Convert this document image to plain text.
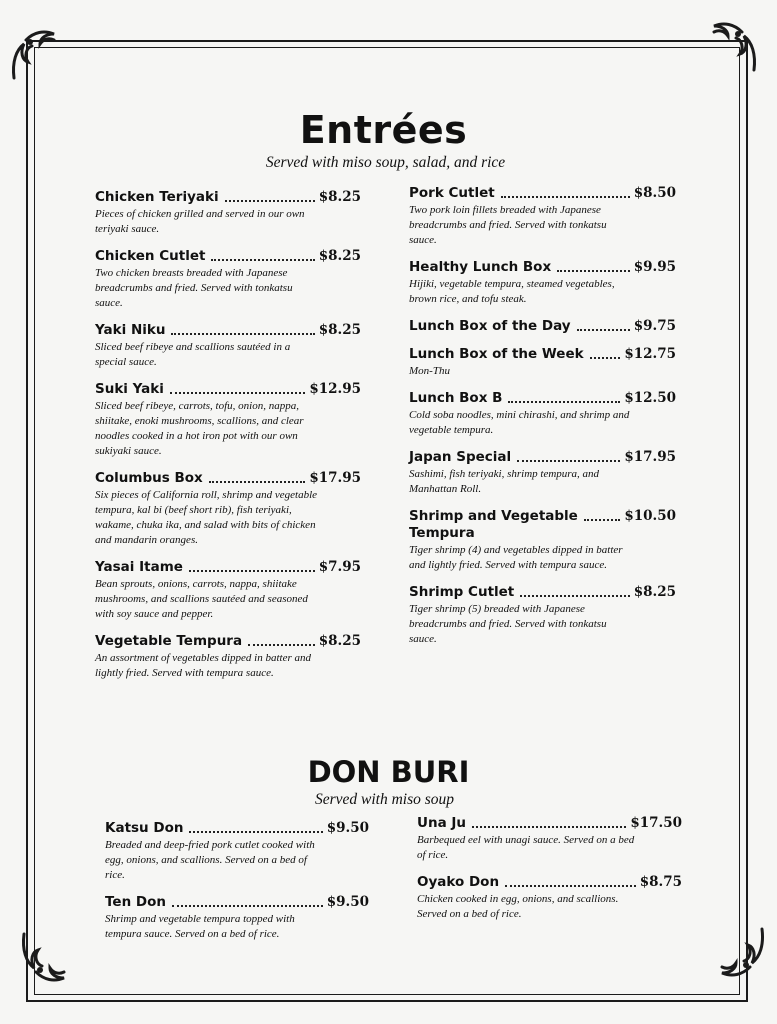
Entrées
Served with miso soup, salad, and rice
Chicken Teriyaki	$8.25
Pieces of chicken grilled and served in our own teriyaki sauce.
Chicken Cutlet	$8.25
Two chicken breasts breaded with Japanese breadcrumbs and fried. Served with tonkatsu sauce.
Yaki Niku	$8.25
Sliced beef ribeye and scallions sautéed in a special sauce.
Suki Yaki	$12.95
Sliced beef ribeye, carrots, tofu, onion, nappa, shiitake, enoki mushrooms, scallions, and clear noodles cooked in a hot iron pot with our own sukiyaki sauce.
Columbus Box	$17.95
Six pieces of California roll, shrimp and vegetable tempura, kal bi (beef short rib), fish teriyaki, wakame, chuka ika, and salad with bits of chicken and mandarin oranges.
Yasai Itame	$7.95
Bean sprouts, onions, carrots, nappa, shiitake mushrooms, and scallions sautéed and seasoned with soy sauce and pepper.
Vegetable Tempura	$8.25
An assortment of vegetables dipped in batter and lightly fried. Served with tempura sauce.
Pork Cutlet	$8.50
Two pork loin fillets breaded with Japanese breadcrumbs and fried. Served with tonkatsu sauce.
Healthy Lunch Box	$9.95
Hijiki, vegetable tempura, steamed vegetables, brown rice, and tofu steak.
Lunch Box of the Day	$9.75
Lunch Box of the Week	$12.75
Mon-Thu
Lunch Box B	$12.50
Cold soba noodles, mini chirashi, and shrimp and vegetable tempura.
Japan Special	$17.95
Sashimi, fish teriyaki, shrimp tempura, and Manhattan Roll.
Shrimp and Vegetable	$10.50
Tempura
Tiger shrimp (4) and vegetables dipped in batter and lightly fried. Served with tempura sauce.
Shrimp Cutlet	$8.25
Tiger shrimp (5) breaded with Japanese breadcrumbs and fried. Served with tonkatsu sauce.
DON BURI
Served with miso soup
Katsu Don	$9.50
Breaded and deep-fried pork cutlet cooked with egg, onions, and scallions. Served on a bed of rice.
Ten Don	$9.50
Shrimp and vegetable tempura topped with tempura sauce. Served on a bed of rice.
Una Ju	$17.50
Barbequed eel with unagi sauce. Served on a bed of rice.
Oyako Don	$8.75
Chicken cooked in egg, onions, and scallions. Served on a bed of rice.
